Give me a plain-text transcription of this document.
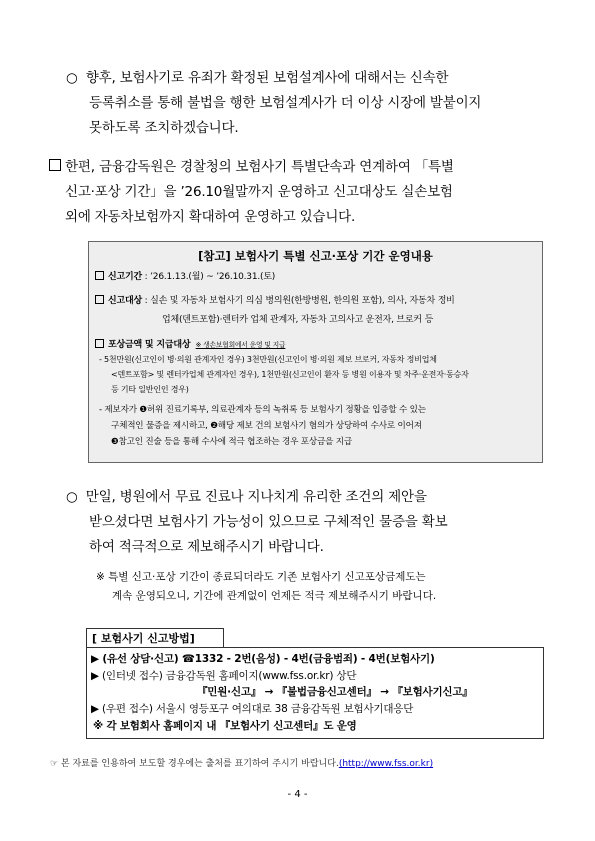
○ 향후, 보험사기로 유죄가 확정된 보험설계사에 대해서는 신속한
등록취소를 통해 불법을 행한 보험설계사가 더 이상 시장에 발붙이지
못하도록 조치하겠습니다.
한편, 금융감독원은 경찰청의 보험사기 특별단속과 연계하여 「특별
신고·포상 기간」을 ’26.10월말까지 운영하고 신고대상도 실손보험
외에 자동차보험까지 확대하여 운영하고 있습니다.
[참고] 보험사기 특별 신고·포상 기간 운영내용
신고기간 : ’26.1.13.(월) ~ ’26.10.31.(토)
신고대상 : 실손 및 자동차 보험사기 의심 병의원(한방병원, 한의원 포함), 의사, 자동차 정비
업체(덴트포함)·렌터카 업체 관계자, 자동차 고의사고 운전자, 브로커 등
포상금액 및 지급대상 ※ 생손보협회에서 운영 및 지급
- 5천만원(신고인이 병·의원 관계자인 경우) 3천만원(신고인이 병·의원 제보 브로커, 자동차 정비업체
<덴트포함> 및 렌터카업체 관계자인 경우), 1천만원(신고인이 환자 등 병원 이용자 및 차주·운전자·동승자
등 기타 일반인인 경우)
- 제보자가 ❶허위 진료기록부, 의료관계자 등의 녹취록 등 보험사기 정황을 입증할 수 있는
구체적인 물증을 제시하고, ❷해당 제보 건의 보험사기 혐의가 상당하여 수사로 이어져
❸참고인 진술 등을 통해 수사에 적극 협조하는 경우 포상금을 지급
○ 만일, 병원에서 무료 진료나 지나치게 유리한 조건의 제안을
받으셨다면 보험사기 가능성이 있으므로 구체적인 물증을 확보
하여 적극적으로 제보해주시기 바랍니다.
※ 특별 신고·포상 기간이 종료되더라도 기존 보험사기 신고포상금제도는
계속 운영되오니, 기간에 관계없이 언제든 적극 제보해주시기 바랍니다.
[ 보험사기 신고방법]
▶ (유선 상담·신고) ☎1332 - 2번(음성) - 4번(금융범죄) - 4번(보험사기)
▶ (인터넷 접수) 금융감독원 홈페이지(www.fss.or.kr) 상단
『민원·신고』 → 『불법금융신고센터』 → 『보험사기신고』
▶ (우편 접수) 서울시 영등포구 여의대로 38 금융감독원 보험사기대응단
※ 각 보험회사 홈페이지 내 『보험사기 신고센터』도 운영
☞ 본 자료를 인용하여 보도할 경우에는 출처를 표기하여 주시기 바랍니다.(http://www.fss.or.kr)
- 4 -
